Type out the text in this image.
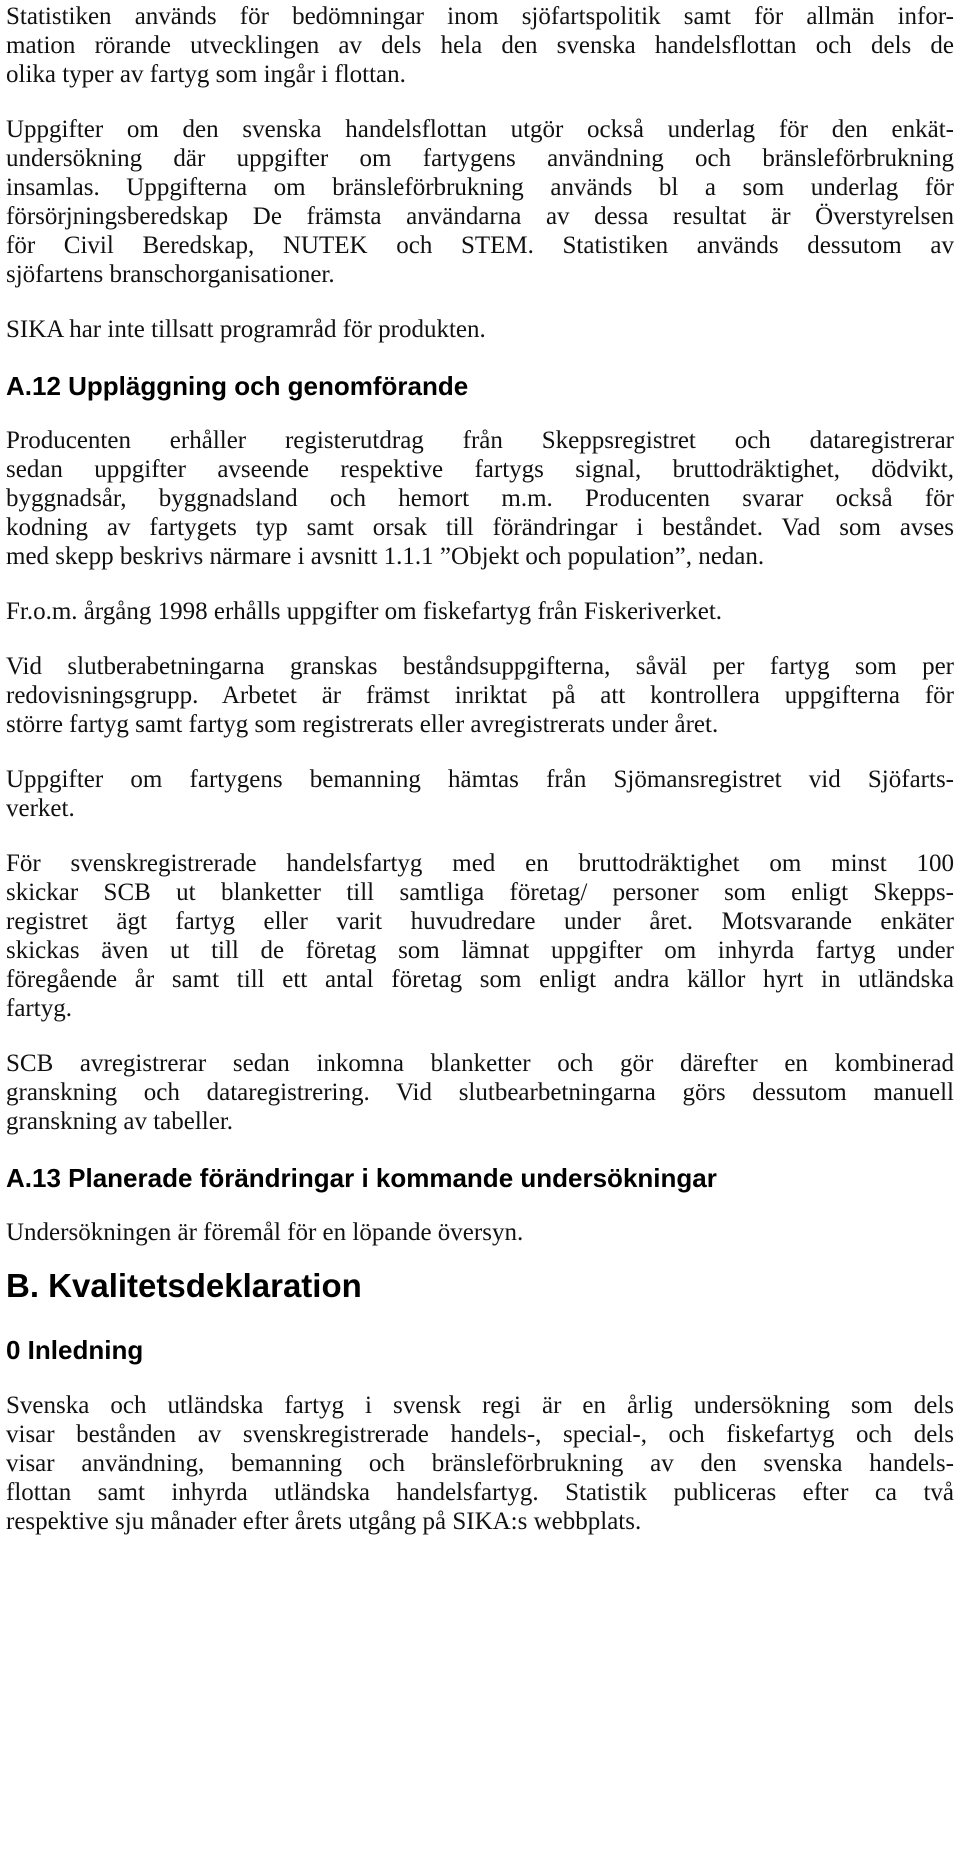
Statistiken används för bedömningar inom sjöfartspolitik samt för allmän infor-

mation rörande utvecklingen av dels hela den svenska handelsflottan och dels de

olika typer av fartyg som ingår i flottan.

Uppgifter om den svenska handelsflottan utgör också underlag för den enkät-

undersökning där uppgifter om fartygens användning och bränsleförbrukning

insamlas. Uppgifterna om bränsleförbrukning används bl a som underlag för

försörjningsberedskap De främsta användarna av dessa resultat är Överstyrelsen

för Civil Beredskap, NUTEK och STEM. Statistiken används dessutom av

sjöfartens branschorganisationer.

SIKA har inte tillsatt programråd för produkten.

A.12 Uppläggning och genomförande

Producenten erhåller registerutdrag från Skeppsregistret och dataregistrerar

sedan uppgifter avseende respektive fartygs signal, bruttodräktighet, dödvikt,

byggnadsår, byggnadsland och hemort m.m. Producenten svarar också för

kodning av fartygets typ samt orsak till förändringar i beståndet. Vad som avses

med skepp beskrivs närmare i avsnitt 1.1.1 ”Objekt och population”, nedan.

Fr.o.m. årgång 1998 erhålls uppgifter om fiskefartyg från Fiskeriverket.

Vid slutberabetningarna granskas beståndsuppgifterna, såväl per fartyg som per

redovisningsgrupp. Arbetet är främst inriktat på att kontrollera uppgifterna för

större fartyg samt fartyg som registrerats eller avregistrerats under året.

Uppgifter om fartygens bemanning hämtas från Sjömansregistret vid Sjöfarts-

verket.

För svenskregistrerade handelsfartyg med en bruttodräktighet om minst 100

skickar SCB ut blanketter till samtliga företag/ personer som enligt Skepps-

registret ägt fartyg eller varit huvudredare under året. Motsvarande enkäter

skickas även ut till de företag som lämnat uppgifter om inhyrda fartyg under

föregående år samt till ett antal företag som enligt andra källor hyrt in utländska

fartyg.

SCB avregistrerar sedan inkomna blanketter och gör därefter en kombinerad

granskning och dataregistrering. Vid slutbearbetningarna görs dessutom manuell

granskning av tabeller.

A.13 Planerade förändringar i kommande undersökningar

Undersökningen är föremål för en löpande översyn.

B. Kvalitetsdeklaration
0 Inledning

Svenska och utländska fartyg i svensk regi är en årlig undersökning som dels

visar bestånden av svenskregistrerade handels-, special-, och fiskefartyg och dels

visar användning, bemanning och bränsleförbrukning av den svenska handels-

flottan samt inhyrda utländska handelsfartyg. Statistik publiceras efter ca två

respektive sju månader efter årets utgång på SIKA:s webbplats.
